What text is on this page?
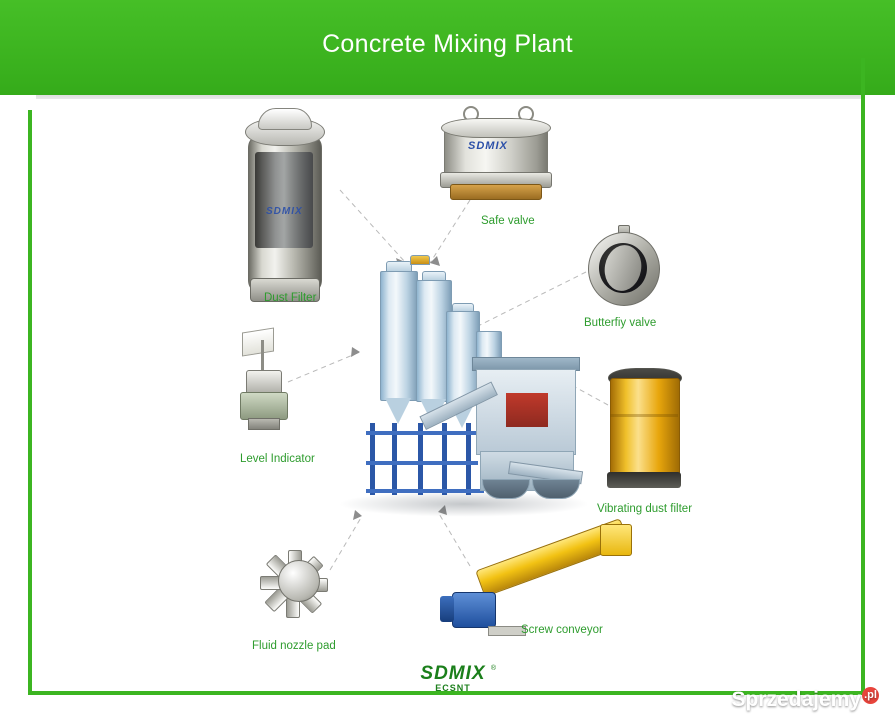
Concrete Mixing Plant
SDMIX
Dust Filter
SDMIX
Safe valve
Butterfiy valve
Vibrating dust filter
Screw conveyor
Fluid nozzle pad
Level Indicator
®
SDMIX
ECSNT	Sprzedajemy .pl
